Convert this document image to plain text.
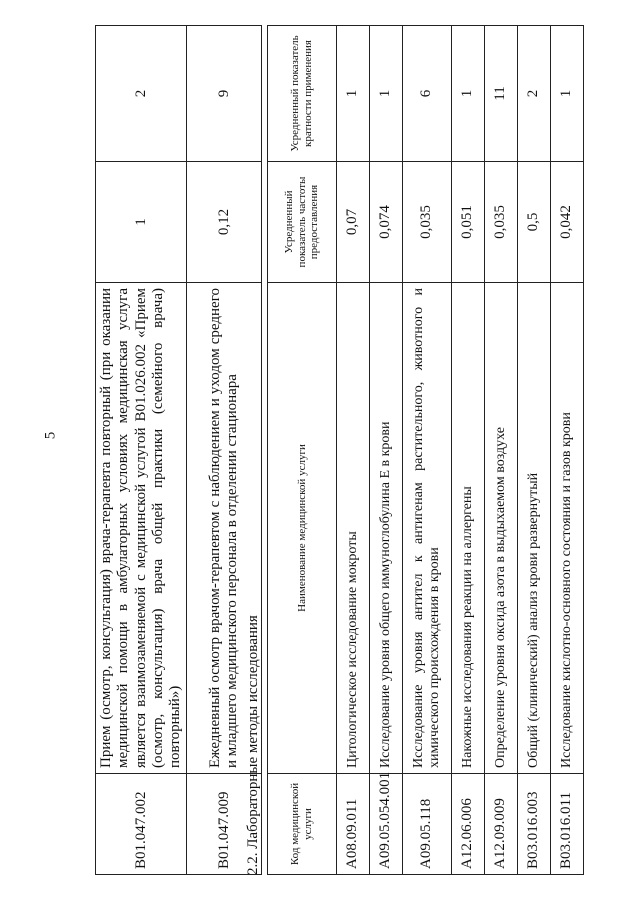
5
B01.047.002	Прием (осмотр, консультация) врача-терапевта повторный (при оказании медицинской помощи в амбулаторных условиях медицинская услуга является взаимозаменяемой с медицинской услугой B01.026.002 «Прием (осмотр, консультация) врача общей практики (семейного врача) повторный»)	1	2
B01.047.009	Ежедневный осмотр врачом-терапевтом с наблюдением и уходом среднего и младшего медицинского персонала в отделении стационара	0,12	9
2.2. Лабораторные методы исследования	Код медицинской услуги	Наименование медицинской услуги	Усредненный показатель частоты предоставления	Усредненный показатель кратности применения
A08.09.011	Цитологическое исследование мокроты	0,07	1
A09.05.054.001	Исследование уровня общего иммуноглобулина E в крови	0,074	1
A09.05.118	Исследование уровня антител к антигенам растительного, животного и химического происхождения в крови	0,035	6
A12.06.006	Накожные исследования реакции на аллергены	0,051	1
A12.09.009	Определение уровня оксида азота в выдыхаемом воздухе	0,035	11
B03.016.003	Общий (клинический) анализ крови развернутый	0,5	2
B03.016.011	Исследование кислотно-основного состояния и газов крови	0,042	1
